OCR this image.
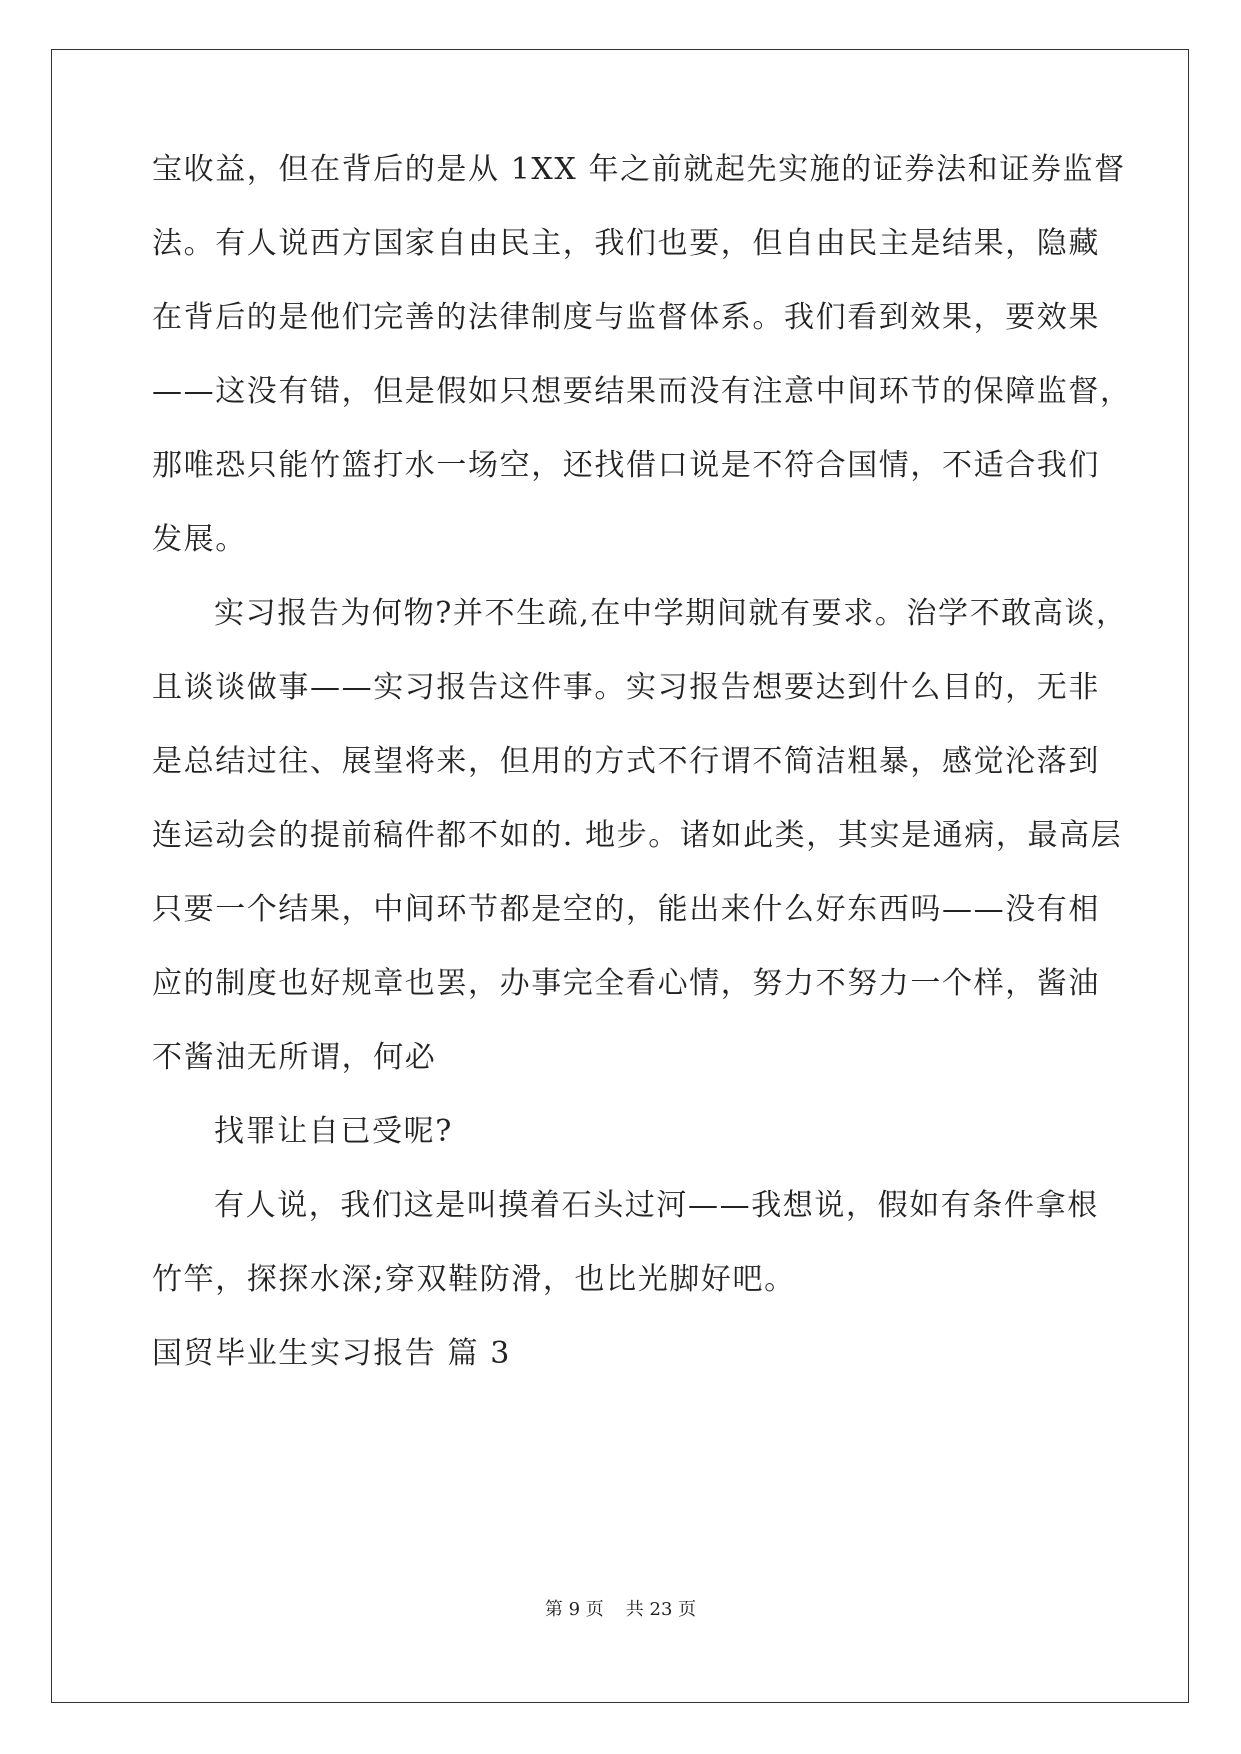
宝收益，但在背后的是从 1XX 年之前就起先实施的证券法和证券监督
法。有人说西方国家自由民主，我们也要，但自由民主是结果，隐藏
在背后的是他们完善的法律制度与监督体系。我们看到效果，要效果
——这没有错，但是假如只想要结果而没有注意中间环节的保障监督，
那唯恐只能竹篮打水一场空，还找借口说是不符合国情，不适合我们
发展。
实习报告为何物?并不生疏,在中学期间就有要求。治学不敢高谈，
且谈谈做事——实习报告这件事。实习报告想要达到什么目的，无非
是总结过往、展望将来，但用的方式不行谓不简洁粗暴，感觉沦落到
连运动会的提前稿件都不如的. 地步。诸如此类，其实是通病，最高层
只要一个结果，中间环节都是空的，能出来什么好东西吗——没有相
应的制度也好规章也罢，办事完全看心情，努力不努力一个样，酱油
不酱油无所谓，何必
找罪让自已受呢?
有人说，我们这是叫摸着石头过河——我想说，假如有条件拿根
竹竿，探探水深;穿双鞋防滑，也比光脚好吧。
国贸毕业生实习报告 篇 3
第 9 页 共 23 页
